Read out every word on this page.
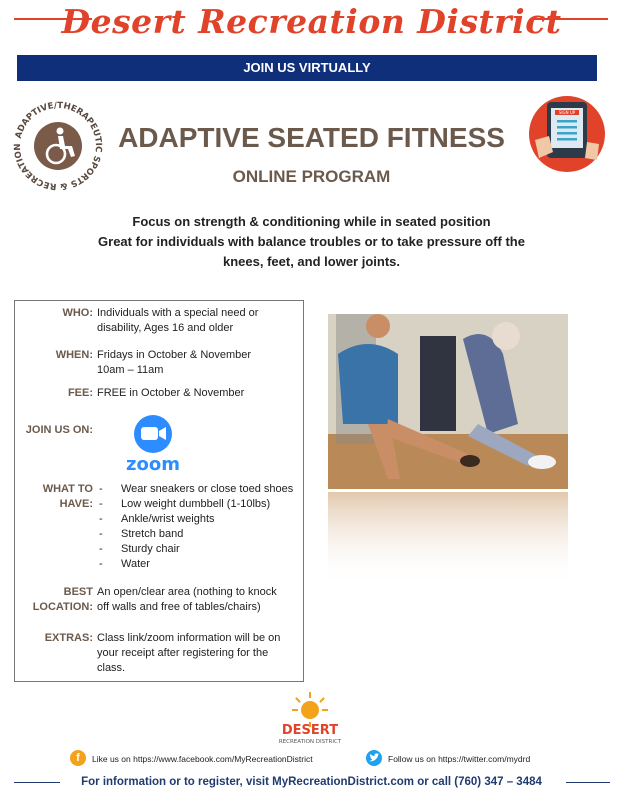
Desert Recreation District
JOIN US VIRTUALLY
ADAPTIVE/THERAPEUTIC SPORTS & RECREATION	ADAPTIVE SEATED FITNESS
ONLINE PROGRAM
SIGN UP
Focus on strength & conditioning while in seated position
Great for individuals with balance troubles or to take pressure off the
knees, feet, and lower joints.
WHO: Individuals with a special need or
disability, Ages 16 and older
WHEN: Fridays in October & November
10am – 11am
FEE: FREE in October & November
JOIN US ON:
zoom
WHAT TO
HAVE:
- Wear sneakers or close toed shoes
- Low weight dumbbell (1-10lbs)
- Ankle/wrist weights
- Stretch band
- Sturdy chair
- Water
BEST
LOCATION:
An open/clear area (nothing to knock
off walls and free of tables/chairs)
EXTRAS: Class link/zoom information will be on
your receipt after registering for the
class.
DESERT
RECREATION DISTRICT
f	Like us on https://www.facebook.com/MyRecreationDistrict	Follow us on https://twitter.com/mydrd
For information or to register, visit MyRecreationDistrict.com or call (760) 347 – 3484
